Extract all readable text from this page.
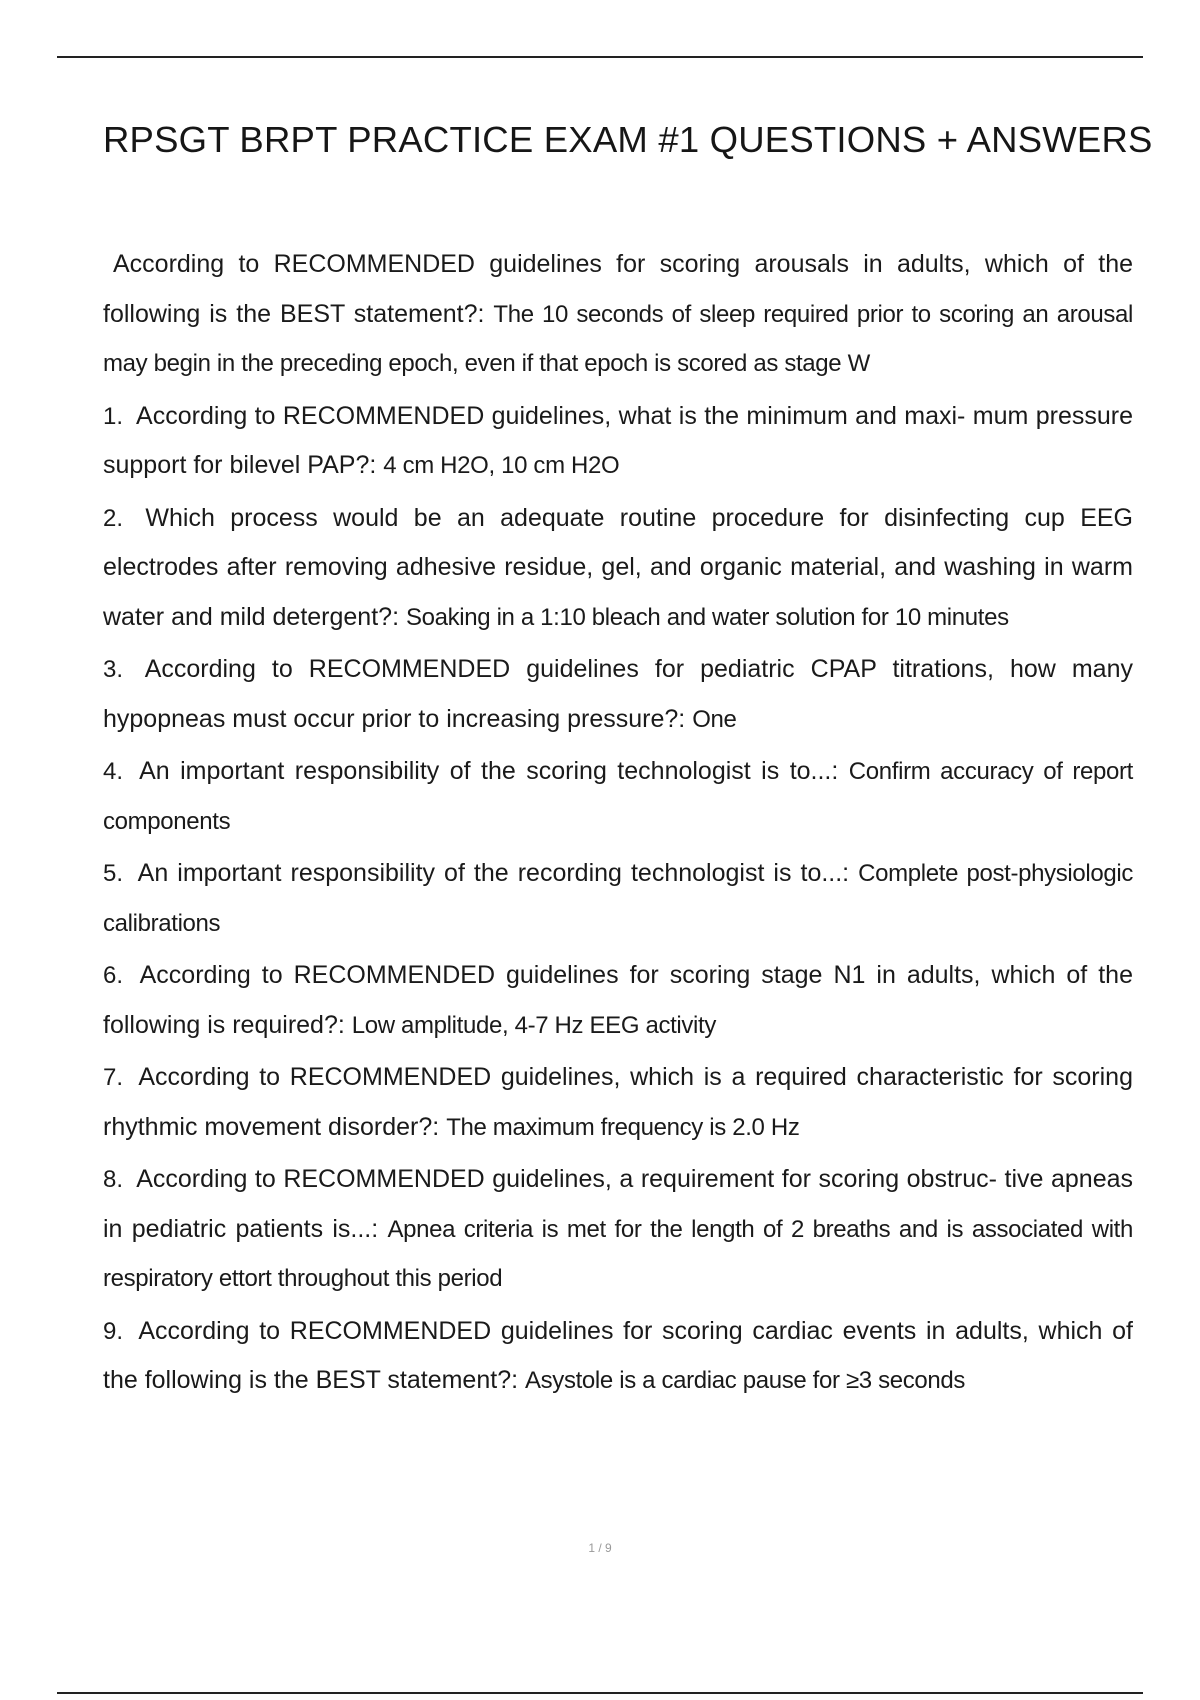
RPSGT BRPT PRACTICE EXAM #1 QUESTIONS + ANSWERS
According to RECOMMENDED guidelines for scoring arousals in adults, which of the following is the BEST statement?: The 10 seconds of sleep required prior to scoring an arousal may begin in the preceding epoch, even if that epoch is scored as stage W
1. According to RECOMMENDED guidelines, what is the minimum and maxi- mum pressure support for bilevel PAP?: 4 cm H2O, 10 cm H2O
2. Which process would be an adequate routine procedure for disinfecting cup EEG electrodes after removing adhesive residue, gel, and organic material, and washing in warm water and mild detergent?: Soaking in a 1:10 bleach and water solution for 10 minutes
3. According to RECOMMENDED guidelines for pediatric CPAP titrations, how many hypopneas must occur prior to increasing pressure?: One
4. An important responsibility of the scoring technologist is to...: Confirm accuracy of report components
5. An important responsibility of the recording technologist is to...: Complete post-physiologic calibrations
6. According to RECOMMENDED guidelines for scoring stage N1 in adults, which of the following is required?: Low amplitude, 4-7 Hz EEG activity
7. According to RECOMMENDED guidelines, which is a required characteristic for scoring rhythmic movement disorder?: The maximum frequency is 2.0 Hz
8. According to RECOMMENDED guidelines, a requirement for scoring obstruc- tive apneas in pediatric patients is...: Apnea criteria is met for the length of 2 breaths and is associated with respiratory ettort throughout this period
9. According to RECOMMENDED guidelines for scoring cardiac events in adults, which of the following is the BEST statement?: Asystole is a cardiac pause for ≥3 seconds
1 / 9
